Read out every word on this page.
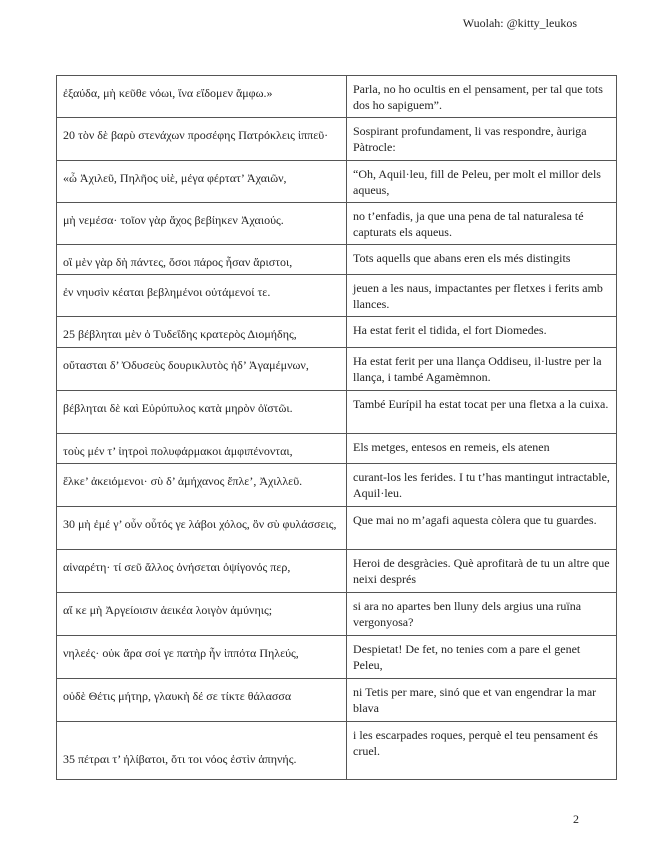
Wuolah: @kitty_leukos
ἐξαύδα, μὴ κεῦθε νόωι, ἵνα εἴδομεν ἄμφω.»	Parla, no ho ocultis en el pensament, per tal que tots dos ho sapiguem”.
20 τὸν δὲ βαρὺ στενάχων προσέφης Πατρόκλεις ἱππεῦ·	Sospirant profundament, li vas respondre, àuriga Pàtrocle:
«ὦ Ἀχιλεῦ, Πηλῆος υἱὲ, μέγα φέρτατ’ Ἀχαιῶν,	“Oh, Aquil·leu, fill de Peleu, per molt el millor dels aqueus,
μὴ νεμέσα· τοῖον γὰρ ἄχος βεβίηκεν Ἀχαιούς.	no t’enfadis, ja que una pena de tal naturalesa té capturats els aqueus.
οἳ μὲν γὰρ δὴ πάντες, ὅσοι πάρος ἦσαν ἄριστοι,	Tots aquells que abans eren els més distingits
ἐν νηυσὶν κέαται βεβλημένοι οὐτάμενοί τε.	jeuen a les naus, impactantes per fletxes i ferits amb llances.
25 βέβληται μὲν ὁ Τυδεΐδης κρατερὸς Διομήδης,	Ha estat ferit el tidida, el fort Diomedes.
οὔτασται δ’ Ὀδυσεὺς δουρικλυτὸς ἠδ’ Ἀγαμέμνων,	Ha estat ferit per una llança Oddiseu, il·lustre per la llança, i també Agamèmnon.
βέβληται δὲ καὶ Εὐρύπυλος κατὰ μηρὸν ὀϊστῶι.	També Eurípil ha estat tocat per una fletxa a la cuixa.
τοὺς μέν τ’ ἰητροὶ πολυφάρμακοι ἀμφιπένονται,	Els metges, entesos en remeis, els atenen
ἕλκε’ ἀκειόμενοι· σὺ δ’ ἀμήχανος ἔπλε’, Ἀχιλλεῦ.	curant-los les ferides. I tu t’has mantingut intractable, Aquil·leu.
30 μὴ ἐμέ γ’ οὖν οὗτός γε λάβοι χόλος, ὃν σὺ φυλάσσεις,	Que mai no m’agafi aquesta còlera que tu guardes.
αἰναρέτη· τί σεῦ ἄλλος ὀνήσεται ὀψίγονός περ,	Heroi de desgràcies. Què aprofitarà de tu un altre que neixi després
αἴ κε μὴ Ἀργείοισιν ἀεικέα λοιγὸν ἀμύνηις;	si ara no apartes ben lluny dels argius una ruïna vergonyosa?
νηλεές· οὐκ ἄρα σοί γε πατὴρ ἦν ἱππότα Πηλεύς,	Despietat! De fet, no tenies com a pare el genet Peleu,
οὐδὲ Θέτις μήτηρ, γλαυκὴ δέ σε τίκτε θάλασσα	ni Tetis per mare, sinó que et van engendrar la mar blava
35 πέτραι τ’ ἠλίβατοι, ὅτι τοι νόος ἐστὶν ἀπηνής.	i les escarpades roques, perquè el teu pensament és cruel.
2
